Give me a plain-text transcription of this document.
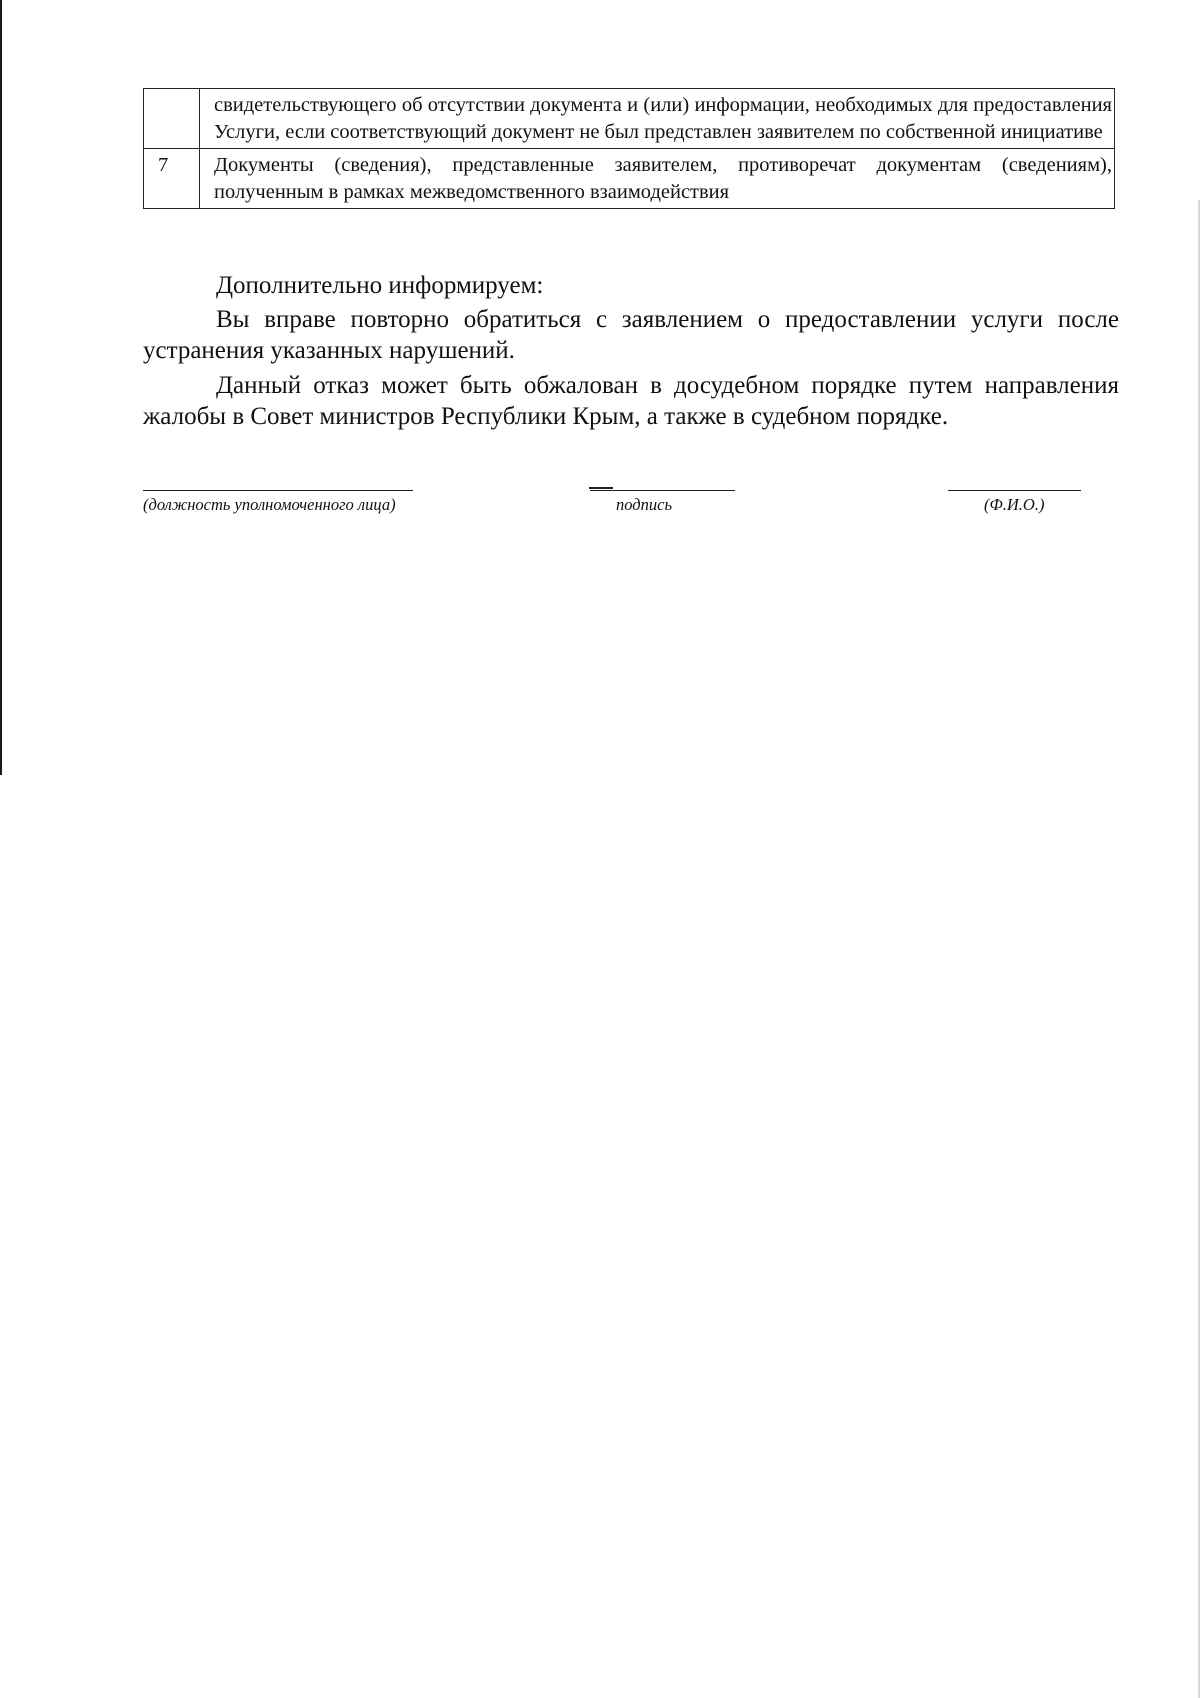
	свидетельствующего об отсутствии документа и (или) информации, необходимых для предоставления Услуги, если соответствующий документ не был представлен заявителем по собственной инициативе
7	Документы (сведения), представленные заявителем, противоречат документам (сведениям), полученным в рамках межведомственного взаимодействия

Дополнительно информируем:

Вы вправе повторно обратиться с заявлением о предоставлении услуги после устранения указанных нарушений.

Данный отказ может быть обжалован в досудебном порядке путем направления жалобы в Совет министров Республики Крым, а также в судебном порядке.

(должность уполномоченного лица)	подпись	(Ф.И.О.)
